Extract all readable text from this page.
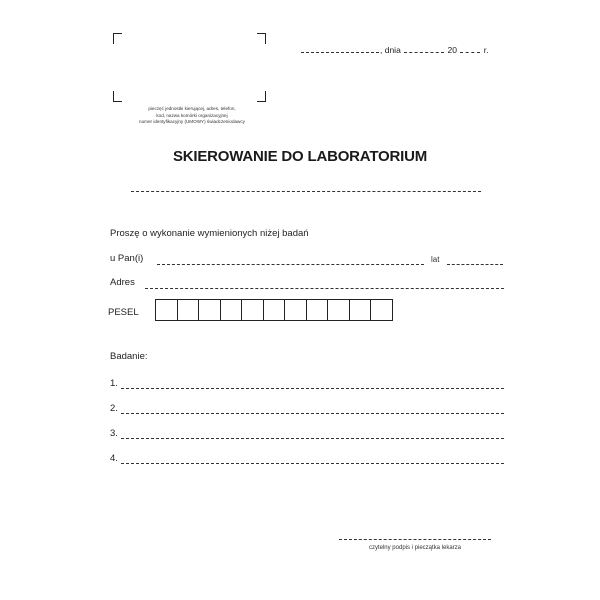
pieczęć jednostki kierującej, adres, telefon,
kod, nazwa komórki organizacyjnej
numer identyfikacyjny (UMOWY) świadczeniodawcy
, dnia	20	r.
SKIEROWANIE DO LABORATORIUM
Proszę o wykonanie wymienionych niżej badań
u Pan(i)	lat
Adres
PESEL
Badanie:
1.
2.
3.
4.
czytelny podpis i pieczątka lekarza
